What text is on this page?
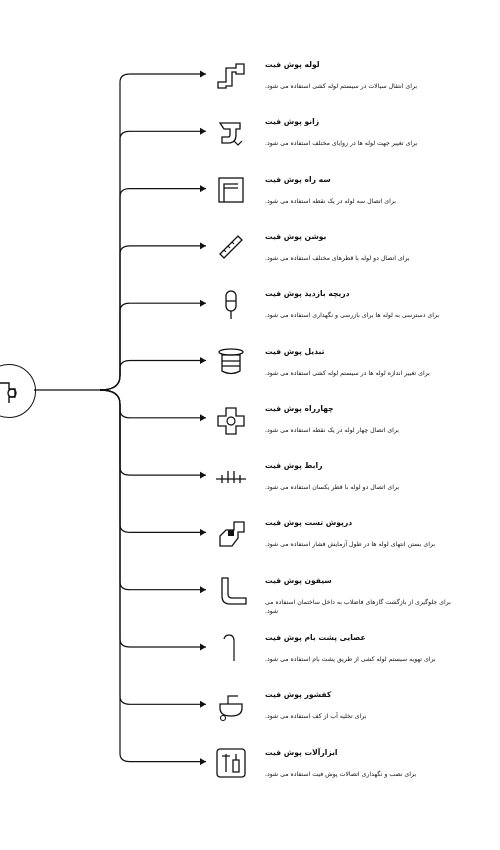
لوله پوش فیت
برای انتقال سیالات در سیستم لوله کشی استفاده می شود.
زانو پوش فیت
برای تغییر جهت لوله ها در زوایای مختلف استفاده می شود.
سه راه پوش فیت
برای اتصال سه لوله در یک نقطه استفاده می شود.
بوشن پوش فیت
برای اتصال دو لوله با قطرهای مختلف استفاده می شود.
دریچه بازدید پوش فیت
برای دسترسی به لوله ها برای بازرسی و نگهداری استفاده می شود.
تبدیل پوش فیت
برای تغییر اندازه لوله ها در سیستم لوله کشی استفاده می شود.
چهارراه پوش فیت
برای اتصال چهار لوله در یک نقطه استفاده می شود.
رابط پوش فیت
برای اتصال دو لوله با قطر یکسان استفاده می شود.
درپوش تست پوش فیت
برای بستن انتهای لوله ها در طول آزمایش فشار استفاده می شود.
سیفون پوش فیت
برای جلوگیری از بازگشت گازهای فاضلاب به داخل ساختمان استفاده می شود.
عصایی پشت بام پوش فیت
برای تهویه سیستم لوله کشی از طریق پشت بام استفاده می شود.
کفشور پوش فیت
برای تخلیه آب از کف استفاده می شود.
ابزارآلات پوش فیت
برای نصب و نگهداری اتصالات پوش فیت استفاده می شود.
